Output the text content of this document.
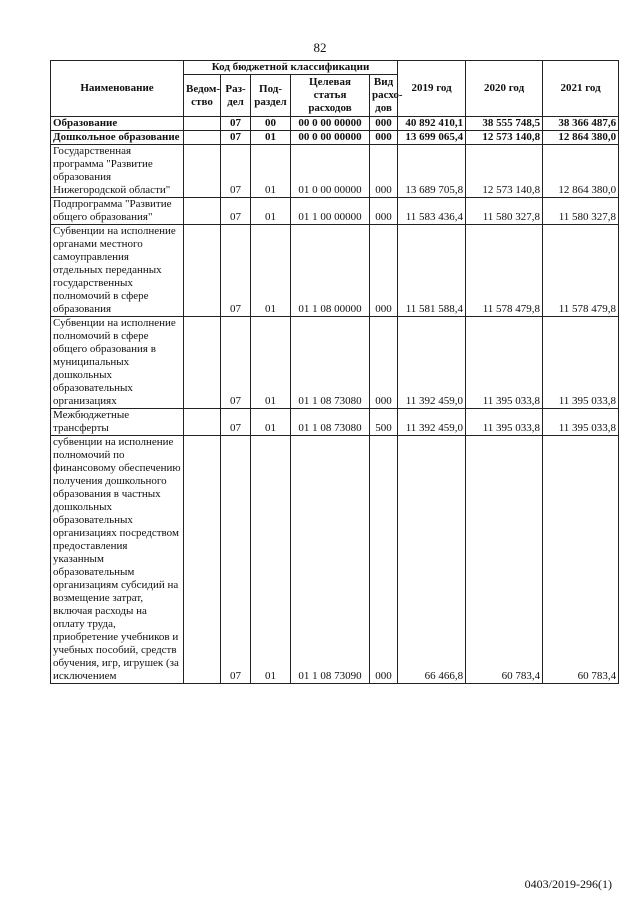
82
Наименование	Код бюджетной классификации					2019 год	2020 год	2021 год
	Ведом-ство	Раз-дел	Под-раздел	Целевая статья расходов	Вид расхо-дов			
Образование		07	00	00 0 00 00000	000	40 892 410,1	38 555 748,5	38 366 487,6
Дошкольное образование		07	01	00 0 00 00000	000	13 699 065,4	12 573 140,8	12 864 380,0
Государственная программа "Развитие образования Нижегородской области"		07	01	01 0 00 00000	000	13 689 705,8	12 573 140,8	12 864 380,0
Подпрограмма "Развитие общего образования"		07	01	01 1 00 00000	000	11 583 436,4	11 580 327,8	11 580 327,8
Субвенции на исполнение органами местного самоуправления отдельных переданных государственных полномочий в сфере образования		07	01	01 1 08 00000	000	11 581 588,4	11 578 479,8	11 578 479,8
Субвенции на исполнение полномочий в сфере общего образования в муниципальных дошкольных образовательных организациях		07	01	01 1 08 73080	000	11 392 459,0	11 395 033,8	11 395 033,8
Межбюджетные трансферты		07	01	01 1 08 73080	500	11 392 459,0	11 395 033,8	11 395 033,8
субвенции на исполнение полномочий по финансовому обеспечению получения дошкольного образования в частных дошкольных образовательных организациях посредством предоставления указанным образовательным организациям субсидий на возмещение затрат, включая расходы на оплату труда, приобретение учебников и учебных пособий, средств обучения, игр, игрушек (за исключением		07	01	01 1 08 73090	000	66 466,8	60 783,4	60 783,4
0403/2019-296(1)
